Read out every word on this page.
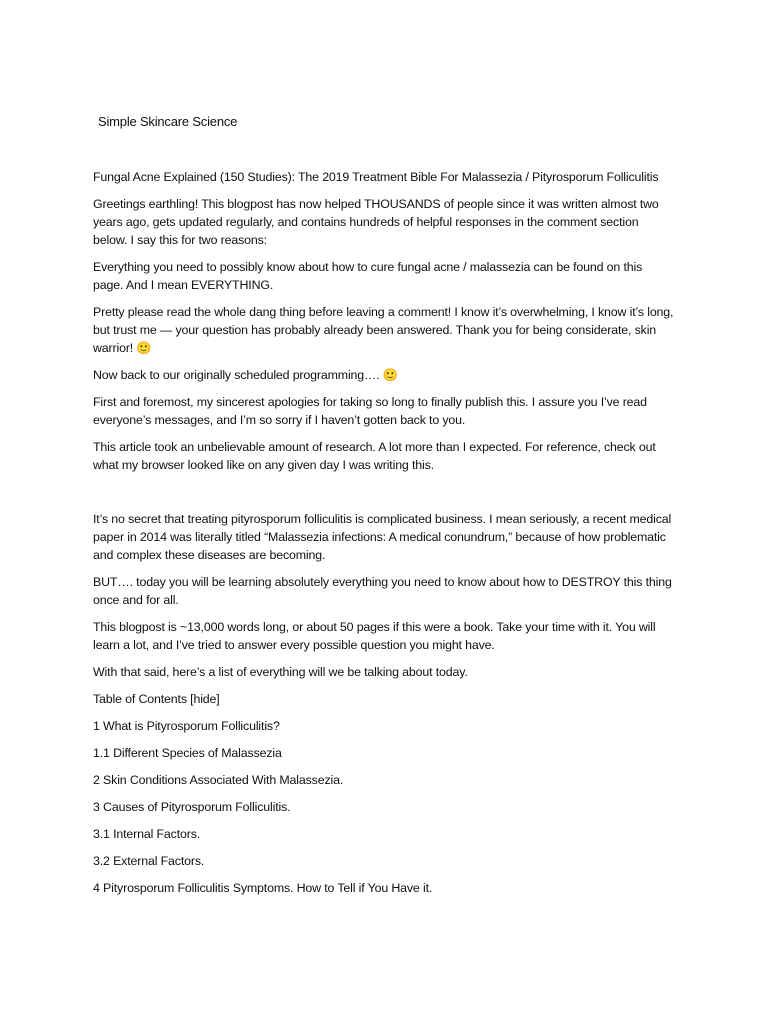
Simple Skincare Science

Fungal Acne Explained (150 Studies): The 2019 Treatment Bible For Malassezia / Pityrosporum Folliculitis

Greetings earthling! This blogpost has now helped THOUSANDS of people since it was written almost two years ago, gets updated regularly, and contains hundreds of helpful responses in the comment section below. I say this for two reasons:

Everything you need to possibly know about how to cure fungal acne / malassezia can be found on this page. And I mean EVERYTHING.

Pretty please read the whole dang thing before leaving a comment! I know it’s overwhelming, I know it’s long, but trust me — your question has probably already been answered. Thank you for being considerate, skin warrior! 🙂

Now back to our originally scheduled programming…. 🙂

First and foremost, my sincerest apologies for taking so long to finally publish this. I assure you I’ve read everyone’s messages, and I’m so sorry if I haven’t gotten back to you.

This article took an unbelievable amount of research. A lot more than I expected. For reference, check out what my browser looked like on any given day I was writing this.

It’s no secret that treating pityrosporum folliculitis is complicated business. I mean seriously, a recent medical paper in 2014 was literally titled “Malassezia infections: A medical conundrum,” because of how problematic and complex these diseases are becoming.

BUT…. today you will be learning absolutely everything you need to know about how to DESTROY this thing once and for all.

This blogpost is ~13,000 words long, or about 50 pages if this were a book. Take your time with it. You will learn a lot, and I’ve tried to answer every possible question you might have.

With that said, here’s a list of everything will we be talking about today.

Table of Contents [hide]

1 What is Pityrosporum Folliculitis?

1.1 Different Species of Malassezia

2 Skin Conditions Associated With Malassezia.

3 Causes of Pityrosporum Folliculitis.

3.1 Internal Factors.

3.2 External Factors.

4 Pityrosporum Folliculitis Symptoms. How to Tell if You Have it.
